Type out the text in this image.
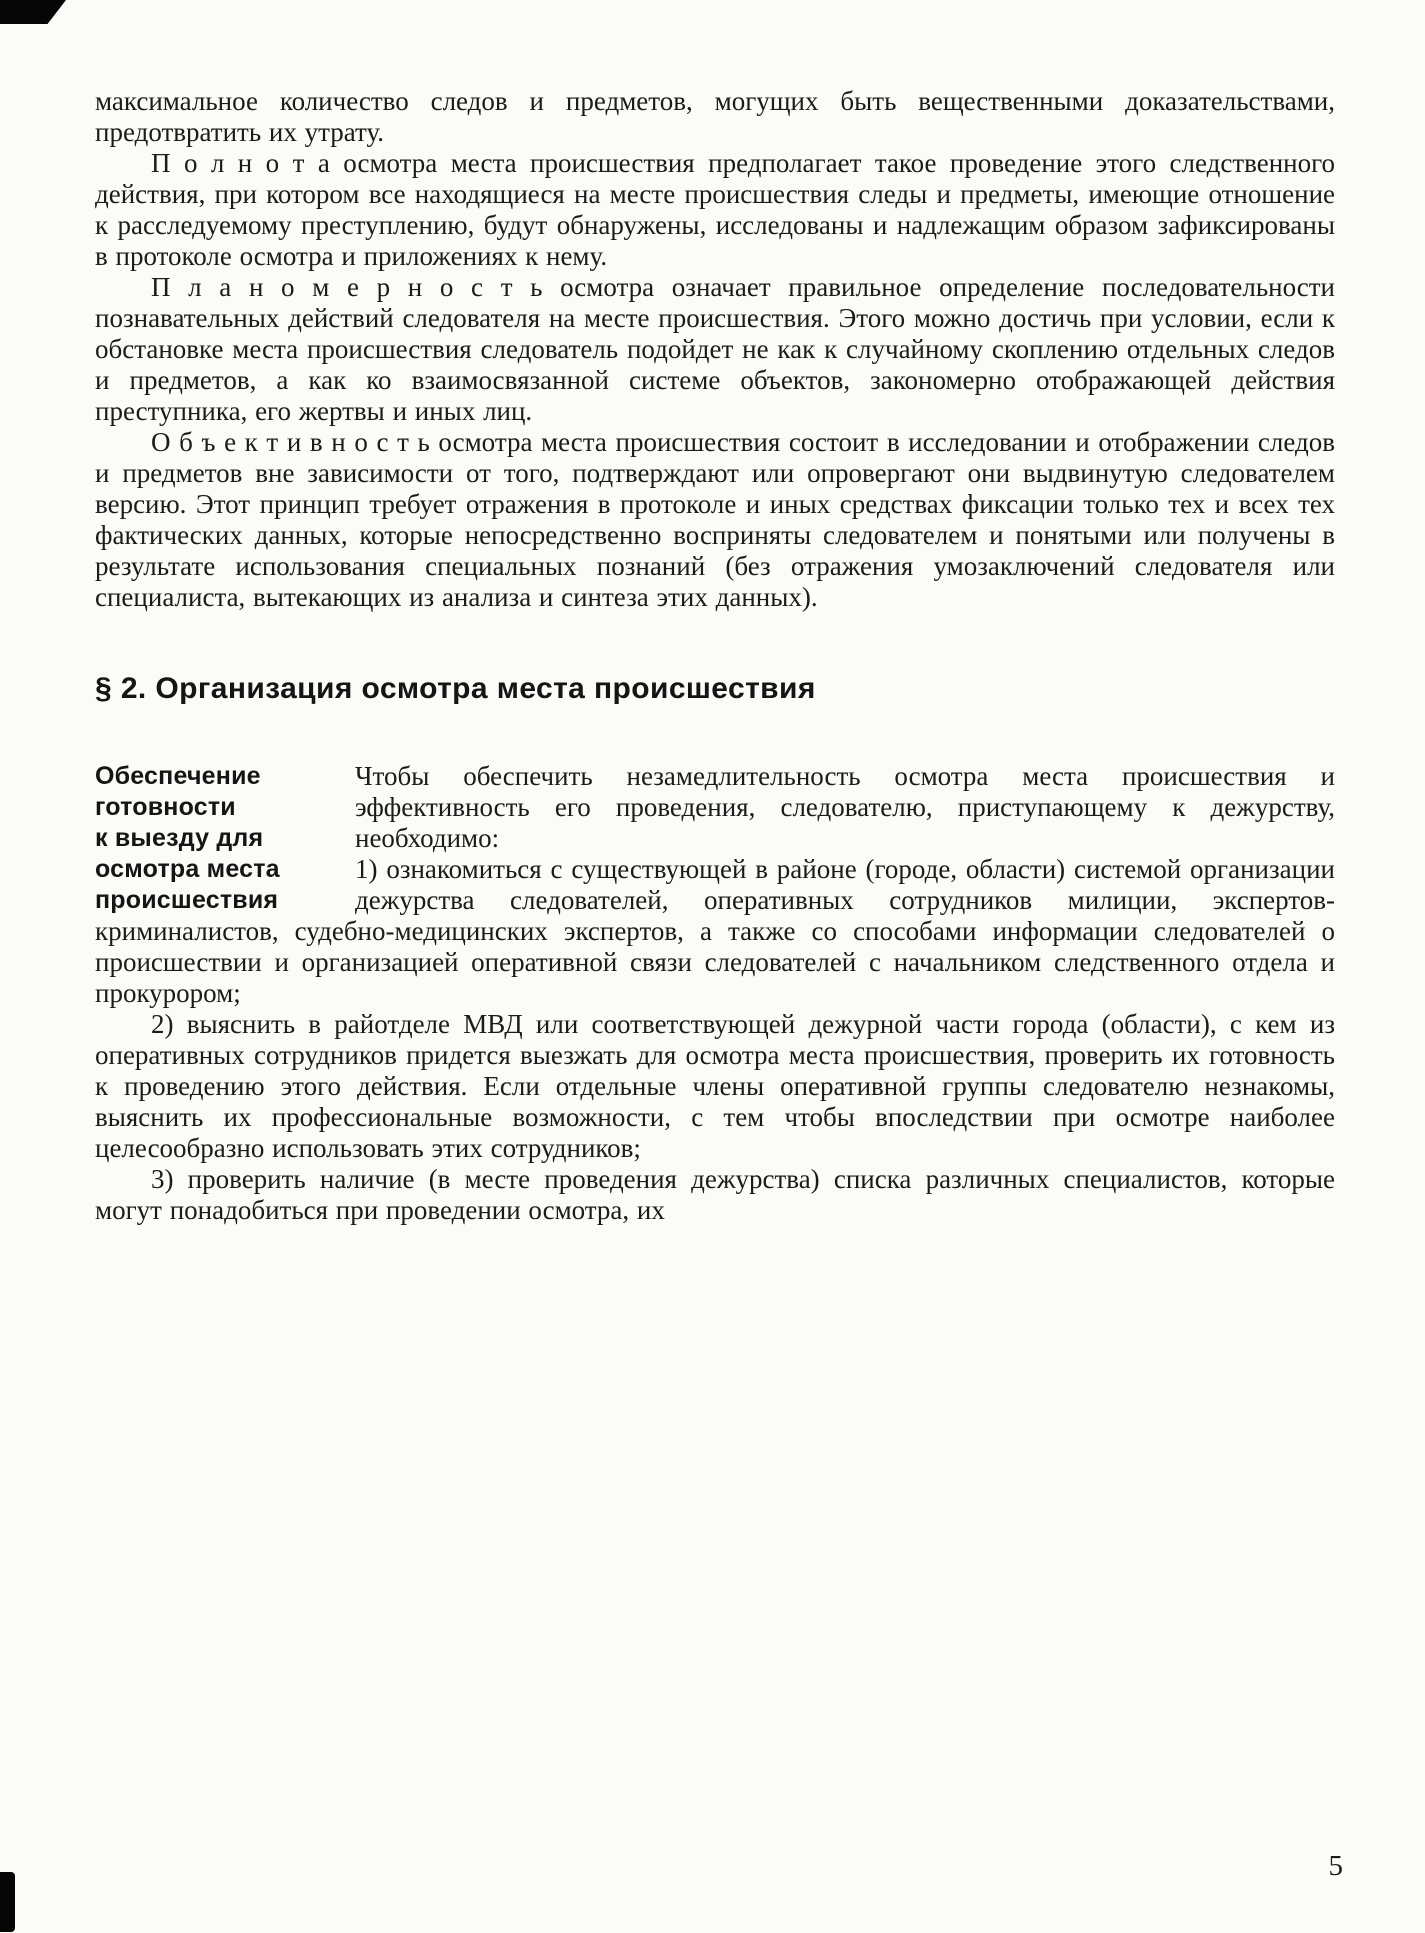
максимальное количество следов и предметов, могущих быть вещественными доказательствами, предотвратить их утрату.

П о л н о т а осмотра места происшествия предполагает такое проведение этого следственного действия, при котором все находящиеся на месте происшествия следы и предметы, имеющие отношение к расследуемому преступлению, будут обнаружены, исследованы и надлежащим образом зафиксированы в протоколе осмотра и приложениях к нему.

П л а н о м е р н о с т ь осмотра означает правильное определение последовательности познавательных действий следователя на месте происшествия. Этого можно достичь при условии, если к обстановке места происшествия следователь подойдет не как к случайному скоплению отдельных следов и предметов, а как ко взаимосвязанной системе объектов, закономерно отображающей действия преступника, его жертвы и иных лиц.

О б ъ е к т и в н о с т ь осмотра места происшествия состоит в исследовании и отображении следов и предметов вне зависимости от того, подтверждают или опровергают они выдвинутую следователем версию. Этот принцип требует отражения в протоколе и иных средствах фиксации только тех и всех тех фактических данных, которые непосредственно восприняты следователем и понятыми или получены в результате использования специальных познаний (без отражения умозаключений следователя или специалиста, вытекающих из анализа и синтеза этих данных).

§ 2. Организация осмотра места происшествия
Обеспечение
готовности
к выезду для
осмотра места
происшествия

Чтобы обеспечить незамедлительность осмотра места происшествия и эффективность его проведения, следователю, приступающему к дежурству, необходимо:

1) ознакомиться с существующей в районе (городе, области) системой организации дежурства следователей, оперативных сотрудников милиции, экспертов-криминалистов, судебно-медицинских экспертов, а также со способами информации следователей о происшествии и организацией оперативной связи следователей с начальником следственного отдела и прокурором;

2) выяснить в райотделе МВД или соответствующей дежурной части города (области), с кем из оперативных сотрудников придется выезжать для осмотра места происшествия, проверить их готовность к проведению этого действия. Если отдельные члены оперативной группы следователю незнакомы, выяснить их профессиональные возможности, с тем чтобы впоследствии при осмотре наиболее целесообразно использовать этих сотрудников;

3) проверить наличие (в месте проведения дежурства) списка различных специалистов, которые могут понадобиться при проведении осмотра, их

5
